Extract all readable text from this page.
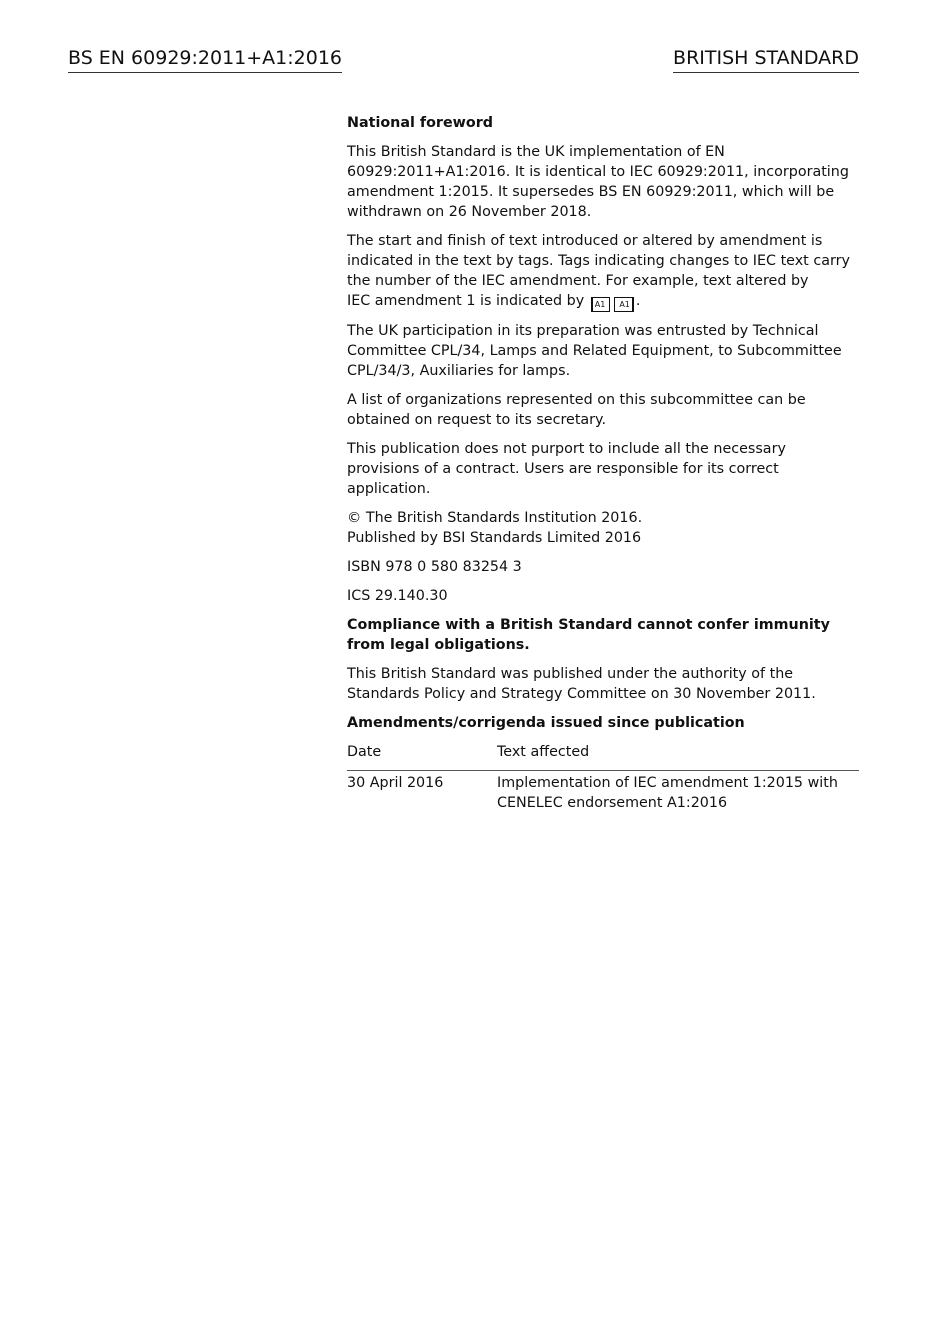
BS EN 60929:2011+A1:2016	BRITISH STANDARD

National foreword

This British Standard is the UK implementation of EN 60929:2011+A1:2016. It is identical to IEC 60929:2011, incorporating amendment 1:2015. It supersedes BS EN 60929:2011, which will be withdrawn on 26 November 2018.

The start and finish of text introduced or altered by amendment is indicated in the text by tags. Tags indicating changes to IEC text carry the number of the IEC amendment. For example, text altered by
IEC amendment 1 is indicated by A1 A1 .

The UK participation in its preparation was entrusted by Technical Committee CPL/34, Lamps and Related Equipment, to Subcommittee CPL/34/3, Auxiliaries for lamps.

A list of organizations represented on this subcommittee can be obtained on request to its secretary.

This publication does not purport to include all the necessary provisions of a contract. Users are responsible for its correct application.

© The British Standards Institution 2016.
Published by BSI Standards Limited 2016

ISBN 978 0 580 83254 3

ICS 29.140.30

Compliance with a British Standard cannot confer immunity from legal obligations.

This British Standard was published under the authority of the Standards Policy and Strategy Committee on 30 November 2011.

Amendments/corrigenda issued since publication

Date	Text affected
30 April 2016	Implementation of IEC amendment 1:2015 with CENELEC endorsement A1:2016
